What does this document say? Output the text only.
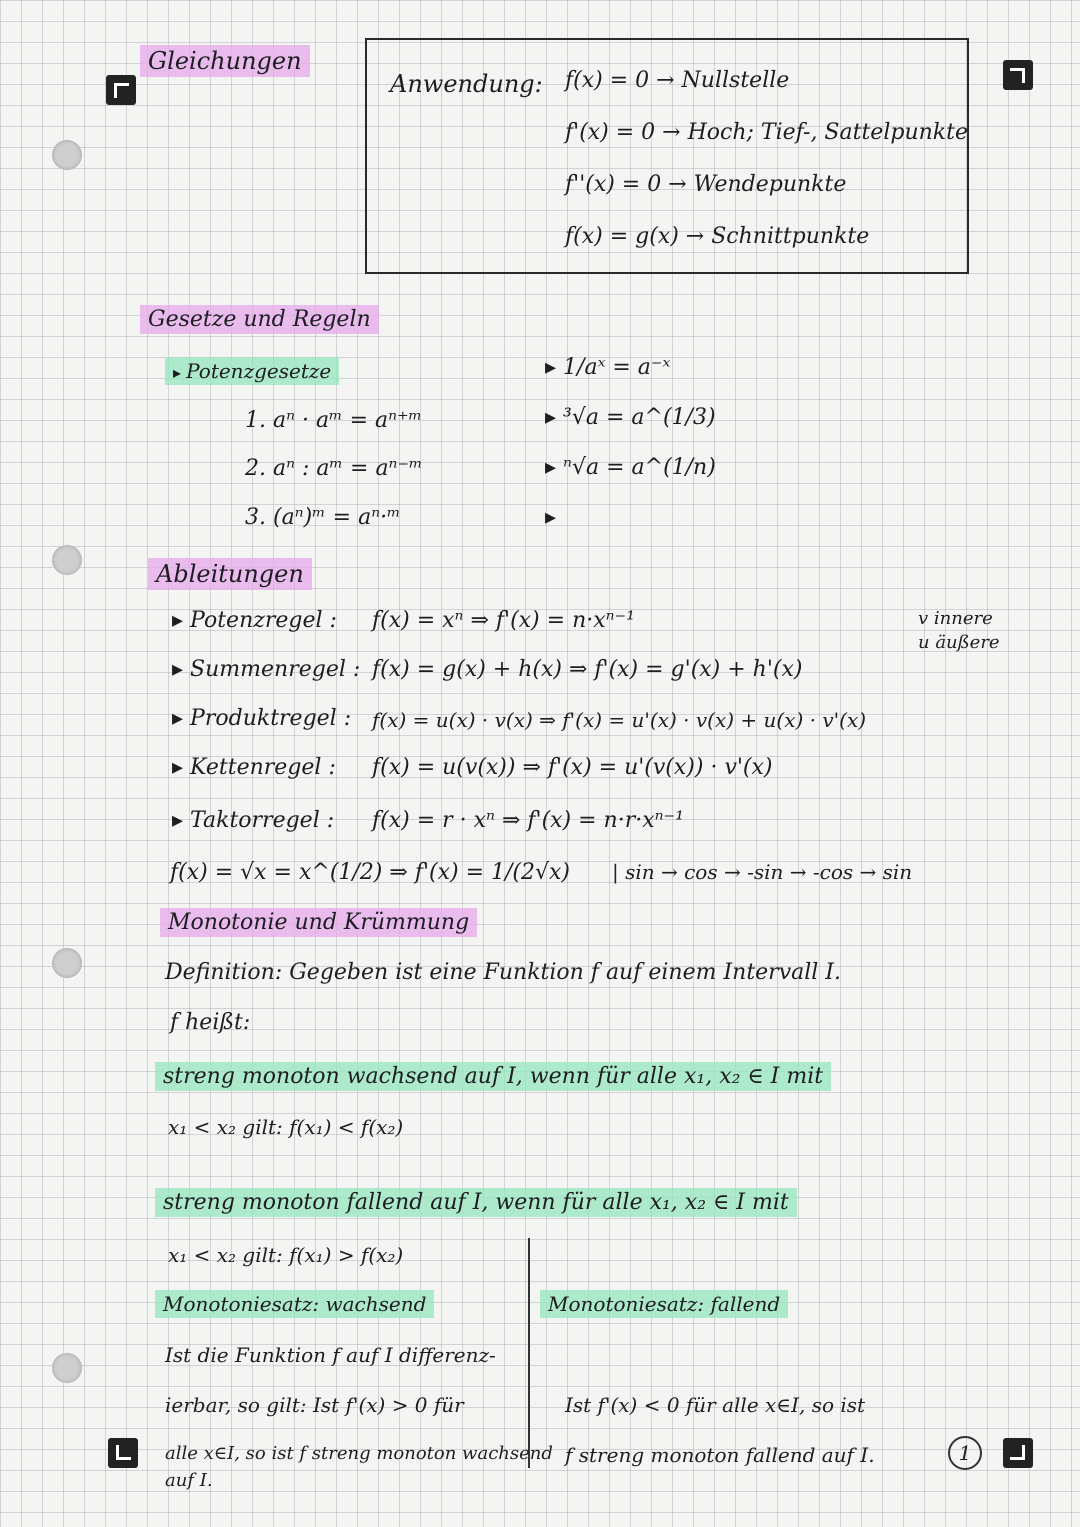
Gleichungen
Anwendung: f(x) = 0 → Nullstelle
f'(x) = 0 → Hoch; Tief-, Sattelpunkte
f''(x) = 0 → Wendepunkte
f(x) = g(x) → Schnittpunkte
Gesetze und Regeln
▸ Potenzgesetze
1. aⁿ · aᵐ = aⁿ⁺ᵐ
2. aⁿ : aᵐ = aⁿ⁻ᵐ
3. (aⁿ)ᵐ = aⁿ·ᵐ
▸ 1/aˣ = a⁻ˣ
▸ ³√a = a^(1/3)
▸ ⁿ√a = a^(1/n)
▸
Ableitungen
▸ Potenzregel : f(x) = xⁿ ⇒ f'(x) = n·xⁿ⁻¹
▸ Summenregel : f(x) = g(x) + h(x) ⇒ f'(x) = g'(x) + h'(x)
▸ Produktregel : f(x) = u(x) · v(x) ⇒ f'(x) = u'(x) · v(x) + u(x) · v'(x)
▸ Kettenregel : f(x) = u(v(x)) ⇒ f'(x) = u'(v(x)) · v'(x)
▸ Taktorregel : f(x) = r · xⁿ ⇒ f'(x) = n·r·xⁿ⁻¹
v innere
u äußere
f(x) = √x = x^(1/2) ⇒ f'(x) = 1/(2√x) | sin → cos → -sin → -cos → sin
Monotonie und Krümmung
Definition: Gegeben ist eine Funktion f auf einem Intervall I.
f heißt:
streng monoton wachsend auf I, wenn für alle x₁, x₂ ∈ I mit
x₁ < x₂ gilt: f(x₁) < f(x₂)
streng monoton fallend auf I, wenn für alle x₁, x₂ ∈ I mit
x₁ < x₂ gilt: f(x₁) > f(x₂)
Monotoniesatz: wachsend
Ist die Funktion f auf I differenz-
ierbar, so gilt: Ist f'(x) > 0 für
alle x∈I, so ist f streng monoton wachsend
auf I.
Monotoniesatz: fallend
Ist f'(x) < 0 für alle x∈I, so ist
f streng monoton fallend auf I.	1
